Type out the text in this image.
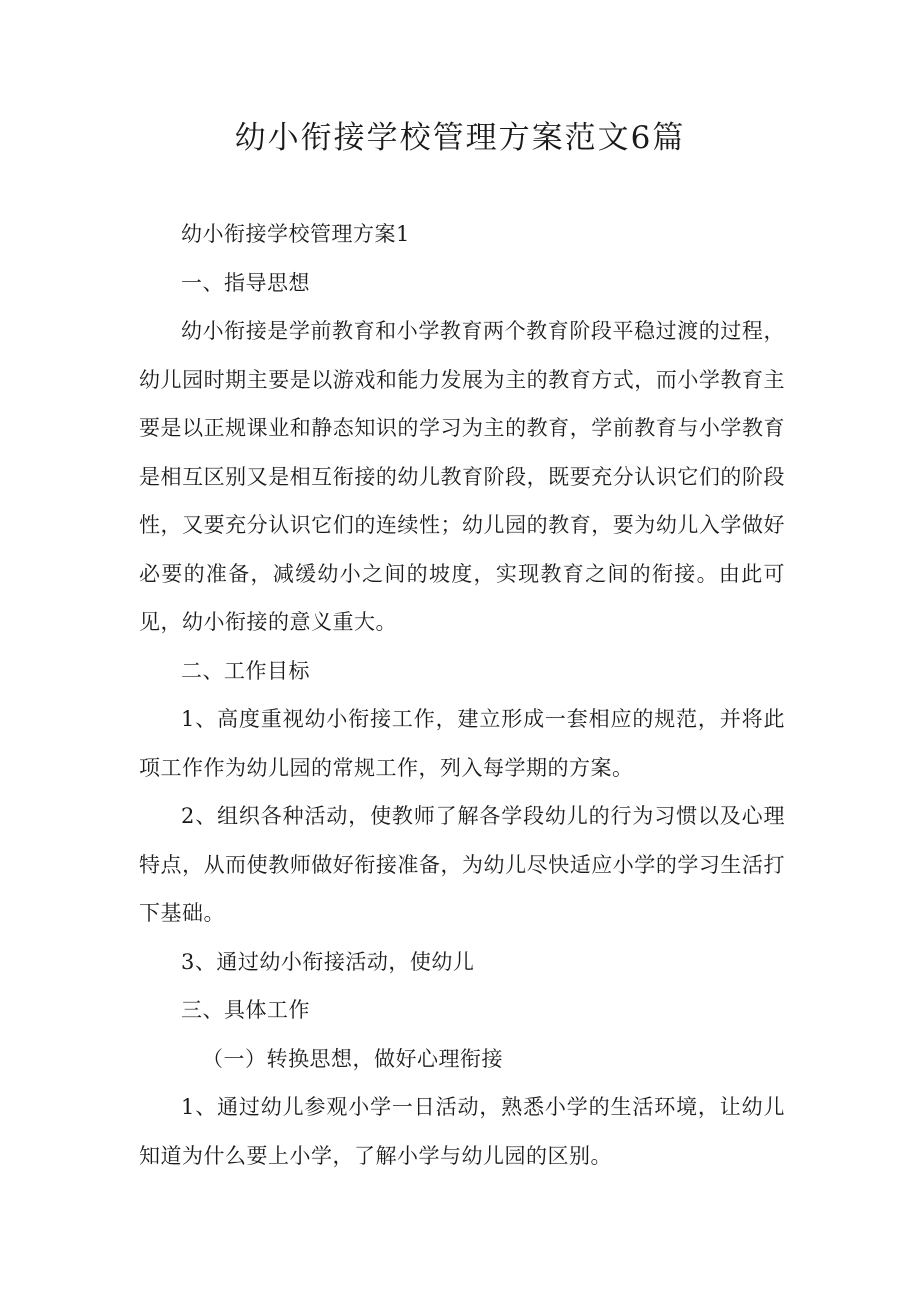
幼小衔接学校管理方案范文6篇

幼小衔接学校管理方案1

一、指导思想

幼小衔接是学前教育和小学教育两个教育阶段平稳过渡的过程，幼儿园时期主要是以游戏和能力发展为主的教育方式，而小学教育主要是以正规课业和静态知识的学习为主的教育，学前教育与小学教育是相互区别又是相互衔接的幼儿教育阶段，既要充分认识它们的阶段性，又要充分认识它们的连续性；幼儿园的教育，要为幼儿入学做好必要的准备，减缓幼小之间的坡度，实现教育之间的衔接。由此可见，幼小衔接的意义重大。

二、工作目标

1、高度重视幼小衔接工作，建立形成一套相应的规范，并将此项工作作为幼儿园的常规工作，列入每学期的方案。

2、组织各种活动，使教师了解各学段幼儿的行为习惯以及心理特点，从而使教师做好衔接准备，为幼儿尽快适应小学的学习生活打下基础。

3、通过幼小衔接活动，使幼儿

三、具体工作

（一）转换思想，做好心理衔接

1、通过幼儿参观小学一日活动，熟悉小学的生活环境，让幼儿知道为什么要上小学，了解小学与幼儿园的区别。
